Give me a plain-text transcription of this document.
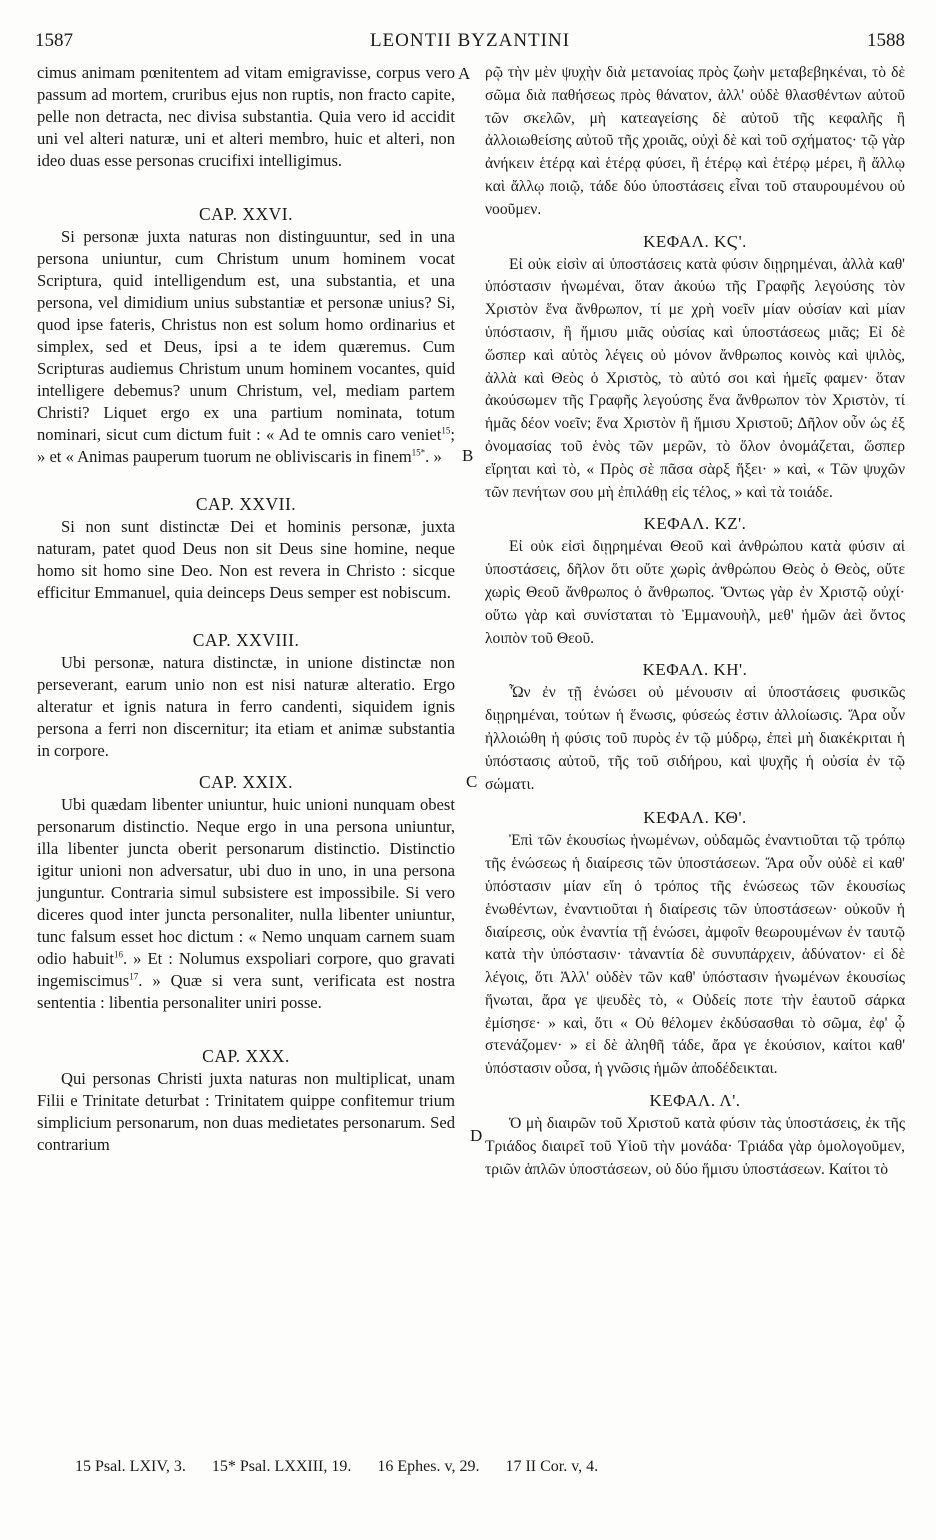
1587	LEONTII BYZANTINI	1588
A
B
C
D

cimus animam pœnitentem ad vitam emigravisse, corpus vero passum ad mortem, cruribus ejus non ruptis, non fracto capite, pelle non detracta, nec divisa substantia. Quia vero id accidit uni vel alteri naturæ, uni et alteri membro, huic et alteri, non ideo duas esse personas crucifixi intelligimus.

CAP. XXVI.

Si personæ juxta naturas non distinguuntur, sed in una persona uniuntur, cum Christum unum hominem vocat Scriptura, quid intelligendum est, una substantia, et una persona, vel dimidium unius substantiæ et personæ unius? Si, quod ipse fateris, Christus non est solum homo ordinarius et simplex, sed et Deus, ipsi a te idem quæremus. Cum Scripturas audiemus Christum unum hominem vocantes, quid intelligere debemus? unum Christum, vel, mediam partem Christi? Liquet ergo ex una partium nominata, totum nominari, sicut cum dictum fuit : « Ad te omnis caro veniet$^{15}$; » et « Animas pauperum tuorum ne obliviscaris in finem$^{15*}$. »

CAP. XXVII.

Si non sunt distinctæ Dei et hominis personæ, juxta naturam, patet quod Deus non sit Deus sine homine, neque homo sit homo sine Deo. Non est revera in Christo : sicque efficitur Emmanuel, quia deinceps Deus semper est nobiscum.

CAP. XXVIII.

Ubi personæ, natura distinctæ, in unione distinctæ non perseverant, earum unio non est nisi naturæ alteratio. Ergo alteratur et ignis natura in ferro candenti, siquidem ignis persona a ferri non discernitur; ita etiam et animæ substantia in corpore.

CAP. XXIX.

Ubi quædam libenter uniuntur, huic unioni nunquam obest personarum distinctio. Neque ergo in una persona uniuntur, illa libenter juncta oberit personarum distinctio. Distinctio igitur unioni non adversatur, ubi duo in uno, in una persona junguntur. Contraria simul subsistere est impossibile. Si vero diceres quod inter juncta personaliter, nulla libenter uniuntur, tunc falsum esset hoc dictum : « Nemo unquam carnem suam odio habuit$^{16}$. » Et : Nolumus exspoliari corpore, quo gravati ingemiscimus$^{17}$. » Quæ si vera sunt, verificata est nostra sententia : libentia personaliter uniri posse.

CAP. XXX.

Qui personas Christi juxta naturas non multiplicat, unam Filii e Trinitate deturbat : Trinitatem quippe confitemur trium simplicium personarum, non duas medietates personarum. Sed contrarium

ρῷ τὴν μὲν ψυχὴν διὰ μετανοίας πρὸς ζωὴν μεταβεβηκέναι, τὸ δὲ σῶμα διὰ παθήσεως πρὸς θάνατον, ἀλλ' οὐδὲ θλασθέντων αὐτοῦ τῶν σκελῶν, μὴ κατεαγείσης δὲ αὐτοῦ τῆς κεφαλῆς ἢ ἀλλοιωθείσης αὐτοῦ τῆς χροιᾶς, οὐχὶ δὲ καὶ τοῦ σχήματος· τῷ γὰρ ἀνήκειν ἑτέρᾳ καὶ ἑτέρᾳ φύσει, ἢ ἑτέρῳ καὶ ἑτέρῳ μέρει, ἢ ἄλλῳ καὶ ἄλλῳ ποιῷ, τάδε δύο ὑποστάσεις εἶναι τοῦ σταυρουμένου οὐ νοοῦμεν.

ΚΕΦΑΛ. ΚϚ'.

Εἰ οὐκ εἰσὶν αἱ ὑποστάσεις κατὰ φύσιν διῃρημέναι, ἀλλὰ καθ' ὑπόστασιν ἡνωμέναι, ὅταν ἀκούω τῆς Γραφῆς λεγούσης τὸν Χριστὸν ἕνα ἄνθρωπον, τί με χρὴ νοεῖν μίαν οὐσίαν καὶ μίαν ὑπόστασιν, ἢ ἥμισυ μιᾶς οὐσίας καὶ ὑποστάσεως μιᾶς; Εἰ δὲ ὥσπερ καὶ αὐτὸς λέγεις οὐ μόνον ἄνθρωπος κοινὸς καὶ ψιλὸς, ἀλλὰ καὶ Θεὸς ὁ Χριστὸς, τὸ αὐτό σοι καὶ ἡμεῖς φαμεν· ὅταν ἀκούσωμεν τῆς Γραφῆς λεγούσης ἕνα ἄνθρωπον τὸν Χριστὸν, τί ἡμᾶς δέον νοεῖν; ἕνα Χριστὸν ἢ ἥμισυ Χριστοῦ; Δῆλον οὖν ὡς ἐξ ὀνομασίας τοῦ ἑνὸς τῶν μερῶν, τὸ ὅλον ὀνομάζεται, ὥσπερ εἴρηται καὶ τὸ, « Πρὸς σὲ πᾶσα σὰρξ ἥξει· » καὶ, « Τῶν ψυχῶν τῶν πενήτων σου μὴ ἐπιλάθῃ εἰς τέλος, » καὶ τὰ τοιάδε.

ΚΕΦΑΛ. ΚΖ'.

Εἰ οὐκ εἰσὶ διῃρημέναι Θεοῦ καὶ ἀνθρώπου κατὰ φύσιν αἱ ὑποστάσεις, δῆλον ὅτι οὔτε χωρὶς ἀνθρώπου Θεὸς ὁ Θεὸς, οὔτε χωρὶς Θεοῦ ἄνθρωπος ὁ ἄνθρωπος. Ὄντως γὰρ ἐν Χριστῷ οὐχί· οὕτω γὰρ καὶ συνίσταται τὸ Ἐμμανουὴλ, μεθ' ἡμῶν ἀεὶ ὄντος λοιπὸν τοῦ Θεοῦ.

ΚΕΦΑΛ. ΚΗ'.

Ὧν ἐν τῇ ἑνώσει οὐ μένουσιν αἱ ὑποστάσεις φυσικῶς διῃρημέναι, τούτων ἡ ἕνωσις, φύσεώς ἐστιν ἀλλοίωσις. Ἄρα οὖν ἠλλοιώθη ἡ φύσις τοῦ πυρὸς ἐν τῷ μύδρῳ, ἐπεὶ μὴ διακέκριται ἡ ὑπόστασις αὐτοῦ, τῆς τοῦ σιδήρου, καὶ ψυχῆς ἡ οὐσία ἐν τῷ σώματι.

ΚΕΦΑΛ. ΚΘ'.

Ἐπὶ τῶν ἑκουσίως ἡνωμένων, οὐδαμῶς ἐναντιοῦται τῷ τρόπῳ τῆς ἑνώσεως ἡ διαίρεσις τῶν ὑποστάσεων. Ἄρα οὖν οὐδὲ εἰ καθ' ὑπόστασιν μίαν εἴη ὁ τρόπος τῆς ἑνώσεως τῶν ἑκουσίως ἑνωθέντων, ἐναντιοῦται ἡ διαίρεσις τῶν ὑποστάσεων· οὐκοῦν ἡ διαίρεσις, οὐκ ἐναντία τῇ ἑνώσει, ἀμφοῖν θεωρουμένων ἐν ταυτῷ κατὰ τὴν ὑπόστασιν· τἀναντία δὲ συνυπάρχειν, ἀδύνατον· εἰ δὲ λέγοις, ὅτι Ἀλλ' οὐδὲν τῶν καθ' ὑπόστασιν ἡνωμένων ἑκουσίως ἥνωται, ἄρα γε ψευδὲς τὸ, « Οὐδείς ποτε τὴν ἑαυτοῦ σάρκα ἐμίσησε· » καὶ, ὅτι « Οὐ θέλομεν ἐκδύσασθαι τὸ σῶμα, ἐφ' ᾧ στενάζομεν· » εἰ δὲ ἀληθῆ τάδε, ἄρα γε ἑκούσιον, καίτοι καθ' ὑπόστασιν οὖσα, ἡ γνῶσις ἡμῶν ἀποδέδεικται.

ΚΕΦΑΛ. Λ'.

Ὁ μὴ διαιρῶν τοῦ Χριστοῦ κατὰ φύσιν τὰς ὑποστάσεις, ἐκ τῆς Τριάδος διαιρεῖ τοῦ Υἱοῦ τὴν μονάδα· Τριάδα γὰρ ὁμολογοῦμεν, τριῶν ἁπλῶν ὑποστάσεων, οὐ δύο ἥμισυ ὑποστάσεων. Καίτοι τὸ

15 Psal. LXIV, 3. 15* Psal. LXXIII, 19. 16 Ephes. v, 29. 17 II Cor. v, 4.
